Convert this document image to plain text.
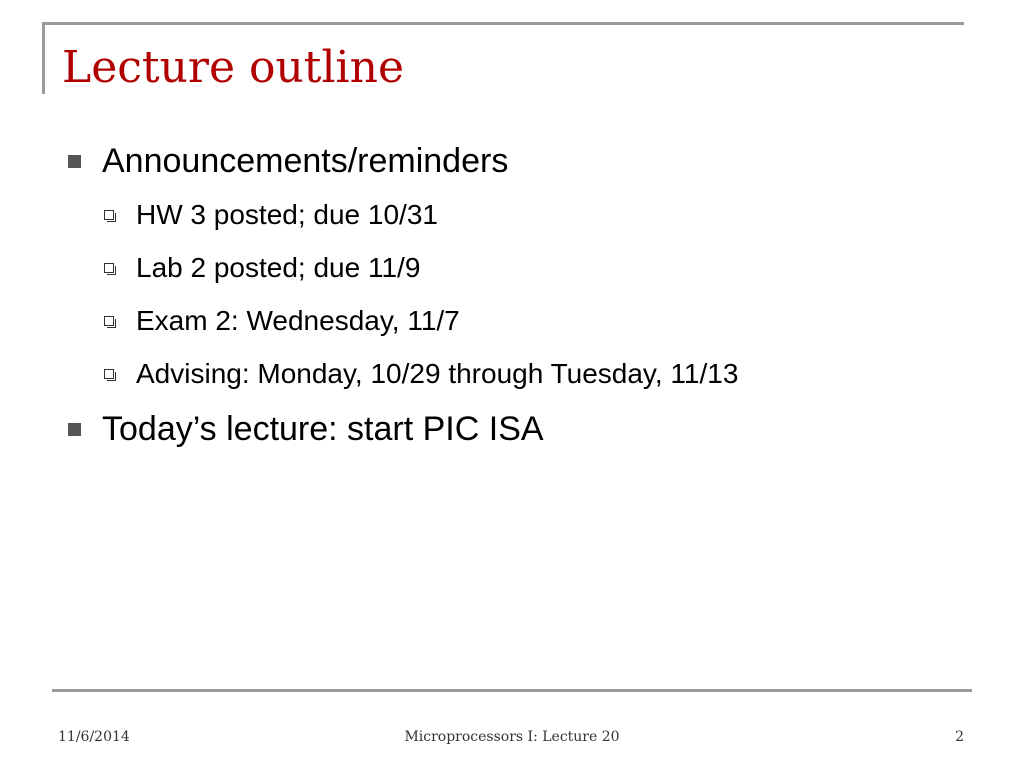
Lecture outline
Announcements/reminders
HW 3 posted; due 10/31
Lab 2 posted; due 11/9
Exam 2: Wednesday, 11/7
Advising: Monday, 10/29 through Tuesday, 11/13
Today’s lecture: start PIC ISA
11/6/2014	Microprocessors I: Lecture 20	2
